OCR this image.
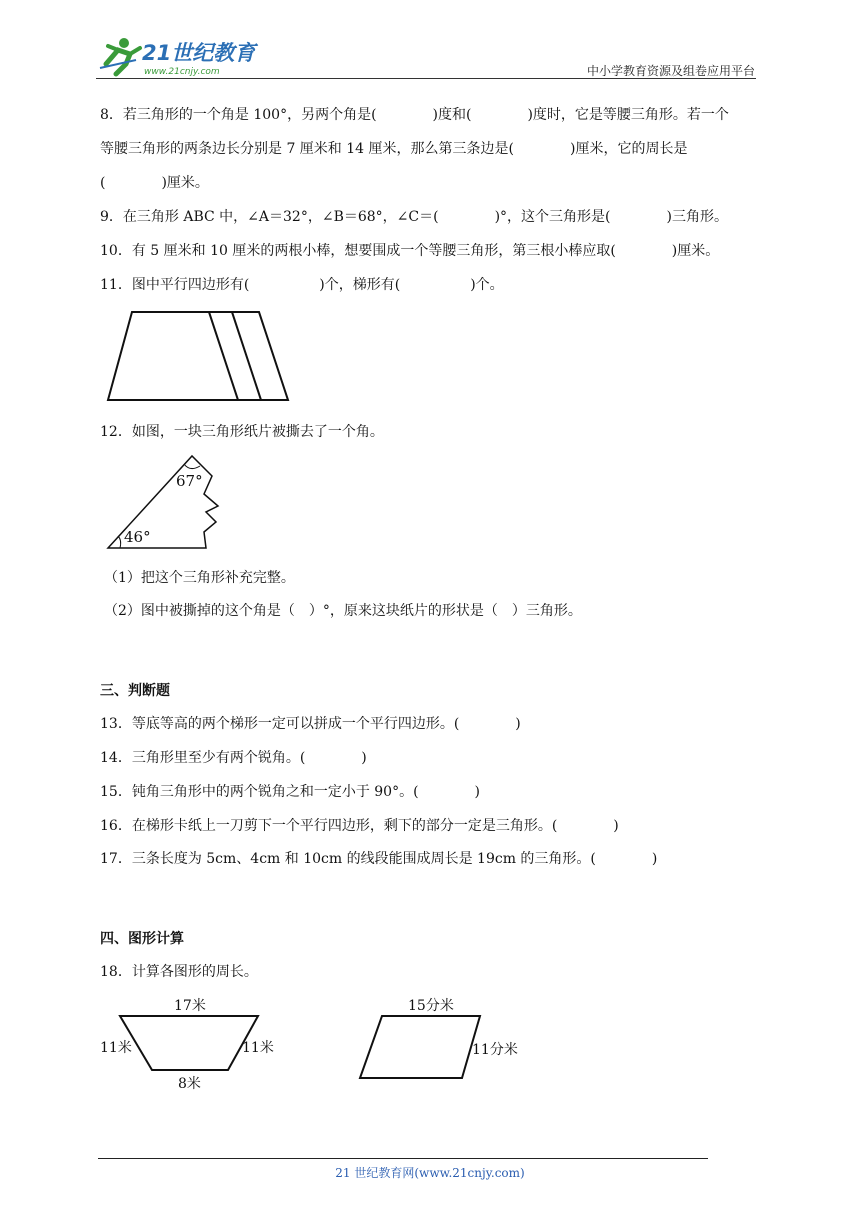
21世纪教育
www.21cnjy.com	中小学教育资源及组卷应用平台
8．若三角形的一个角是 100°，另两个角是(　　　　)度和(　　　　)度时，它是等腰三角形。若一个
等腰三角形的两条边长分别是 7 厘米和 14 厘米，那么第三条边是(　　　　)厘米，它的周长是
(　　　　)厘米。
9．在三角形 ABC 中，∠A＝32°，∠B＝68°，∠C＝(　　　　)°，这个三角形是(　　　　)三角形。
10．有 5 厘米和 10 厘米的两根小棒，想要围成一个等腰三角形，第三根小棒应取(　　　　)厘米。
11．图中平行四边形有(　　　　　)个，梯形有(　　　　　)个。
12．如图，一块三角形纸片被撕去了一个角。
67°
46°
（1）把这个三角形补充完整。
（2）图中被撕掉的这个角是（　）°，原来这块纸片的形状是（　）三角形。
三、判断题
13．等底等高的两个梯形一定可以拼成一个平行四边形。(　　　　)
14．三角形里至少有两个锐角。(　　　　)
15．钝角三角形中的两个锐角之和一定小于 90°。(　　　　)
16．在梯形卡纸上一刀剪下一个平行四边形，剩下的部分一定是三角形。(　　　　)
17．三条长度为 5cm、4cm 和 10cm 的线段能围成周长是 19cm 的三角形。(　　　　)
四、图形计算
18．计算各图形的周长。
17米
11米	11米
8米
15分米
11分米
21 世纪教育网(www.21cnjy.com)
